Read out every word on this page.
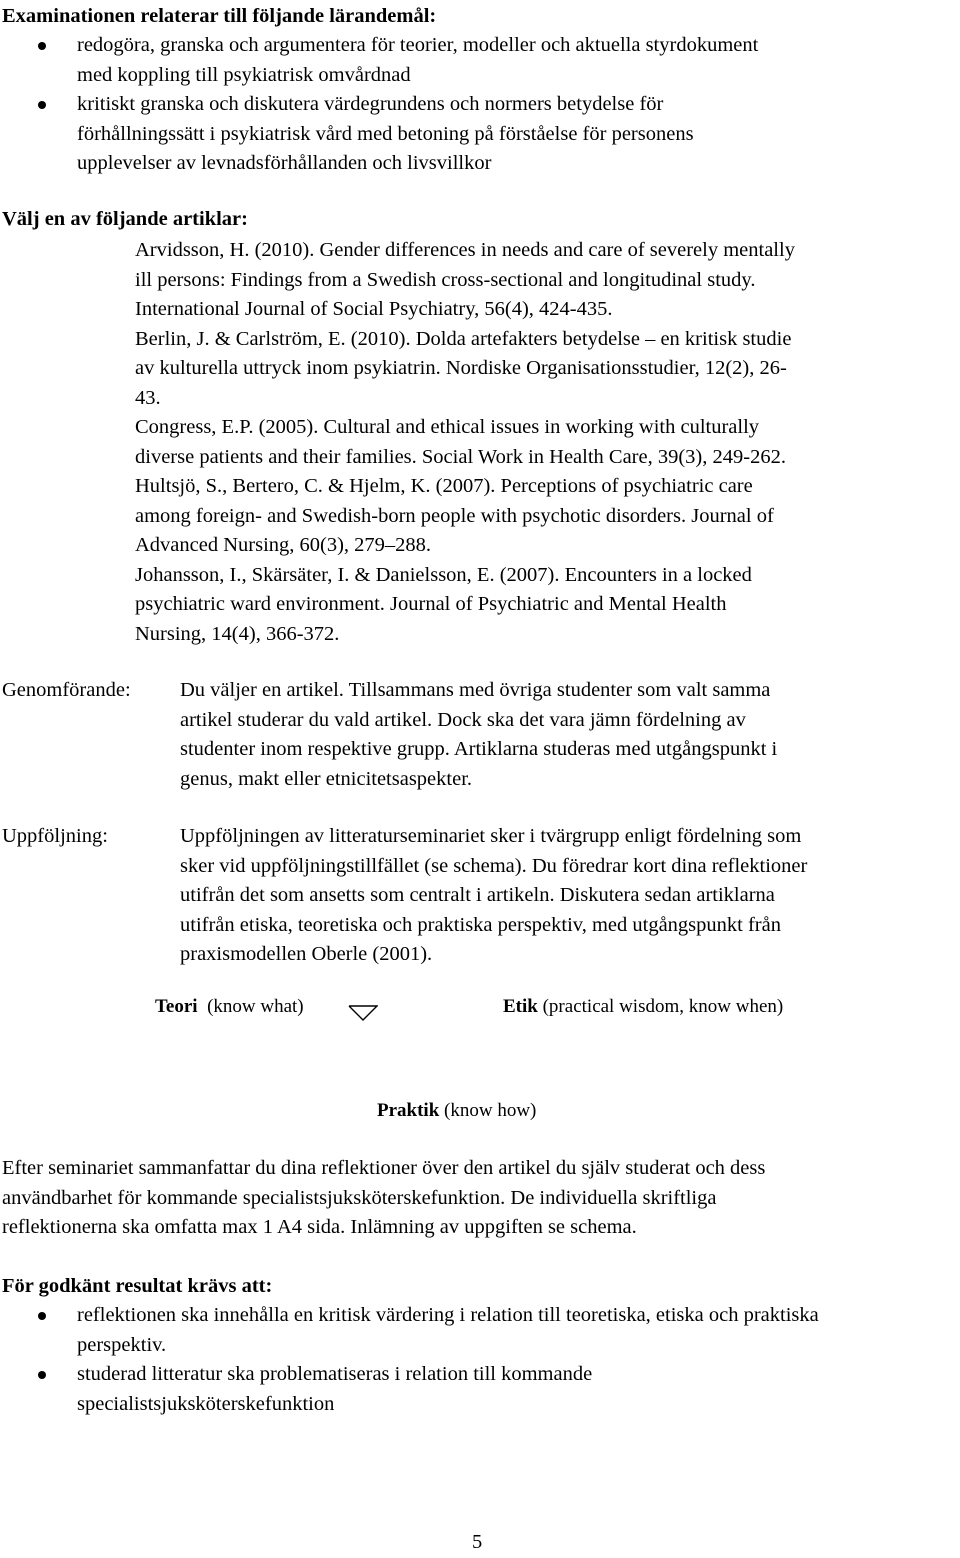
Examinationen relaterar till följande lärandemål:
redogöra, granska och argumentera för teorier, modeller och aktuella styrdokument
med koppling till psykiatrisk omvårdnad
kritiskt granska och diskutera värdegrundens och normers betydelse för
förhållningssätt i psykiatrisk vård med betoning på förståelse för personens
upplevelser av levnadsförhållanden och livsvillkor
Välj en av följande artiklar:
Arvidsson, H. (2010). Gender differences in needs and care of severely mentally
ill persons: Findings from a Swedish cross-sectional and longitudinal study.
International Journal of Social Psychiatry, 56(4), 424-435.
Berlin, J. & Carlström, E. (2010). Dolda artefakters betydelse – en kritisk studie
av kulturella uttryck inom psykiatrin. Nordiske Organisationsstudier, 12(2), 26-
43.
Congress, E.P. (2005). Cultural and ethical issues in working with culturally
diverse patients and their families. Social Work in Health Care, 39(3), 249-262.
Hultsjö, S., Bertero, C. & Hjelm, K. (2007). Perceptions of psychiatric care
among foreign- and Swedish-born people with psychotic disorders. Journal of
Advanced Nursing, 60(3), 279–288.
Johansson, I., Skärsäter, I. & Danielsson, E. (2007). Encounters in a locked
psychiatric ward environment. Journal of Psychiatric and Mental Health
Nursing, 14(4), 366-372.
Genomförande: Du väljer en artikel. Tillsammans med övriga studenter som valt samma
artikel studerar du vald artikel. Dock ska det vara jämn fördelning av
studenter inom respektive grupp. Artiklarna studeras med utgångspunkt i
genus, makt eller etnicitetsaspekter.
Uppföljning:	Uppföljningen av litteraturseminariet sker i tvärgrupp enligt fördelning som
sker vid uppföljningstillfället (se schema). Du föredrar kort dina reflektioner
utifrån det som ansetts som centralt i artikeln. Diskutera sedan artiklarna
utifrån etiska, teoretiska och praktiska perspektiv, med utgångspunkt från
praxismodellen Oberle (2001).
Teori (know what)	Etik (practical wisdom, know when)
Praktik (know how)
Efter seminariet sammanfattar du dina reflektioner över den artikel du själv studerat och dess
användbarhet för kommande specialistsjuksköterskefunktion. De individuella skriftliga
reflektionerna ska omfatta max 1 A4 sida. Inlämning av uppgiften se schema.
För godkänt resultat krävs att:
reflektionen ska innehålla en kritisk värdering i relation till teoretiska, etiska och praktiska
perspektiv.
studerad litteratur ska problematiseras i relation till kommande
specialistsjuksköterskefunktion
5
